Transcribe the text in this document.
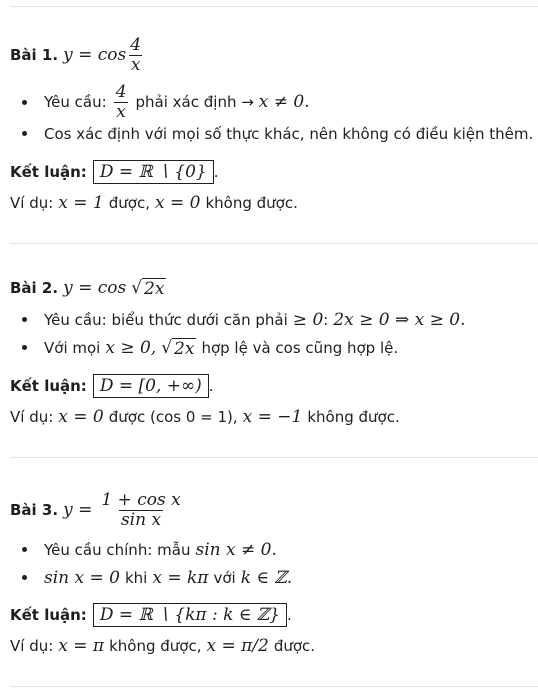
Bài 1. $y = \cos \frac{4}{x}$
Yêu cầu: $\frac{4}{x}$ phải xác định → x ≠ 0.
Cos xác định với mọi số thực khác, nên không có điều kiện thêm.
Kết luận: D = ℝ ∖ {0} .
Ví dụ: x = 1 được, x = 0 không được.
Bài 2. y = cos √ 2x
Yêu cầu: biểu thức dưới căn phải ≥ 0 : 2x ≥ 0 ⇒ x ≥ 0.
Với mọi x ≥ 0, √ 2x hợp lệ và cos cũng hợp lệ.
Kết luận: D = [0, +∞) .
Ví dụ: x = 0 được (cos 0 = 1), x = −1 không được.
Bài 3. $y = \frac{\text{1 + cos x}}{\text{sin x}}$
Yêu cầu chính: mẫu sin x ≠ 0.
sin x = 0 khi x = kπ với k ∈ ℤ.
Kết luận: D = ℝ ∖ {kπ : k ∈ ℤ} .
Ví dụ: x = π không được, x = π/2 được.
